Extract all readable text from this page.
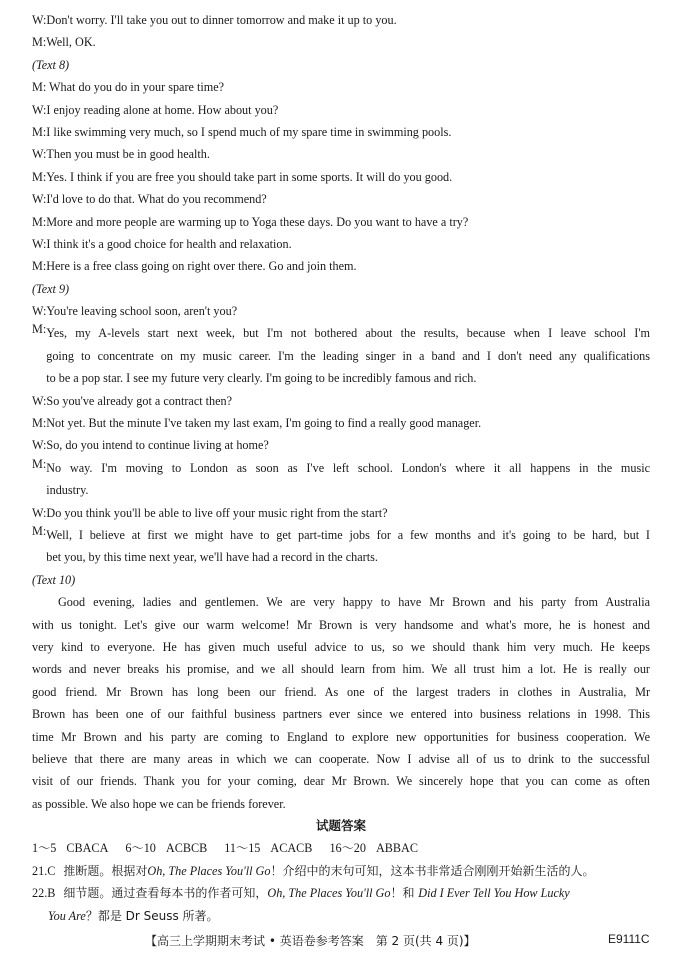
W:Don't worry. I'll take you out to dinner tomorrow and make it up to you.
M:Well, OK.
(Text 8)
M: What do you do in your spare time?
W:I enjoy reading alone at home. How about you?
M:I like swimming very much, so I spend much of my spare time in swimming pools.
W:Then you must be in good health.
M:Yes. I think if you are free you should take part in some sports. It will do you good.
W:I'd love to do that. What do you recommend?
M:More and more people are warming up to Yoga these days. Do you want to have a try?
W:I think it's a good choice for health and relaxation.
M:Here is a free class going on right over there. Go and join them.
(Text 9)
W:You're leaving school soon, aren't you?
M: Yes, my A-levels start next week, but I'm not bothered about the results, because when I leave school I'm
going to concentrate on my music career. I'm the leading singer in a band and I don't need any qualifications
to be a pop star. I see my future very clearly. I'm going to be incredibly famous and rich.
W:So you've already got a contract then?
M:Not yet. But the minute I've taken my last exam, I'm going to find a really good manager.
W:So, do you intend to continue living at home?
M: No way. I'm moving to London as soon as I've left school. London's where it all happens in the music
industry.
W:Do you think you'll be able to live off your music right from the start?
M: Well, I believe at first we might have to get part-time jobs for a few months and it's going to be hard, but I
bet you, by this time next year, we'll have had a record in the charts.
(Text 10)
Good evening, ladies and gentlemen. We are very happy to have Mr Brown and his party from Australia
with us tonight. Let's give our warm welcome! Mr Brown is very handsome and what's more, he is honest and
very kind to everyone. He has given much useful advice to us, so we should thank him very much. He keeps
words and never breaks his promise, and we all should learn from him. We all trust him a lot. He is really our
good friend. Mr Brown has long been our friend. As one of the largest traders in clothes in Australia, Mr
Brown has been one of our faithful business partners ever since we entered into business relations in 1998. This
time Mr Brown and his party are coming to England to explore new opportunities for business cooperation. We
believe that there are many areas in which we can cooperate. Now I advise all of us to drink to the successful
visit of our friends. Thank you for your coming, dear Mr Brown. We sincerely hope that you can come as often
as possible. We also hope we can be friends forever.
试题答案
1～5 CBACA 6～10 ACBCB 11～15 ACACB 16～20 ABBAC
21.C 推断题。根据对Oh, The Places You'll Go！介绍中的末句可知，这本书非常适合刚刚开始新生活的人。
22.B 细节题。通过查看每本书的作者可知，Oh, The Places You'll Go！和 Did I Ever Tell You How Lucky
You Are？都是 Dr Seuss 所著。
【高三上学期期末考试 • 英语卷参考答案　第 2 页(共 4 页)】	E9111C
